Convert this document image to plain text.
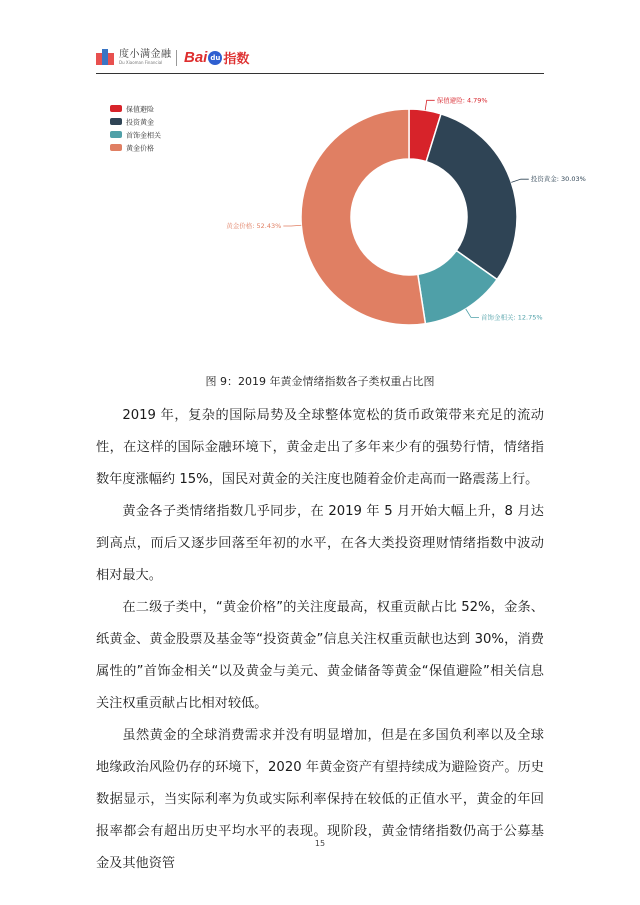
度小满金融
Du Xiaoman Financial	Bai du 指数
保值避险
投资黄金
首饰金相关
黄金价格
保值避险: 4.79%
投资黄金: 30.03%
首饰金相关: 12.75%
黄金价格: 52.43%
图 9：2019 年黄金情绪指数各子类权重占比图

2019 年，复杂的国际局势及全球整体宽松的货币政策带来充足的流动性，在这样的国际金融环境下，黄金走出了多年来少有的强势行情，情绪指数年度涨幅约 15%，国民对黄金的关注度也随着金价走高而一路震荡上行。

黄金各子类情绪指数几乎同步，在 2019 年 5 月开始大幅上升，8 月达到高点，而后又逐步回落至年初的水平，在各大类投资理财情绪指数中波动相对最大。

在二级子类中，“黄金价格”的关注度最高，权重贡献占比 52%，金条、纸黄金、黄金股票及基金等“投资黄金”信息关注权重贡献也达到 30%，消费属性的”首饰金相关“以及黄金与美元、黄金储备等黄金“保值避险”相关信息关注权重贡献占比相对较低。

虽然黄金的全球消费需求并没有明显增加，但是在多国负利率以及全球地缘政治风险仍存的环境下，2020 年黄金资产有望持续成为避险资产。历史数据显示，当实际利率为负或实际利率保持在较低的正值水平，黄金的年回报率都会有超出历史平均水平的表现。现阶段，黄金情绪指数仍高于公募基金及其他资管

15
